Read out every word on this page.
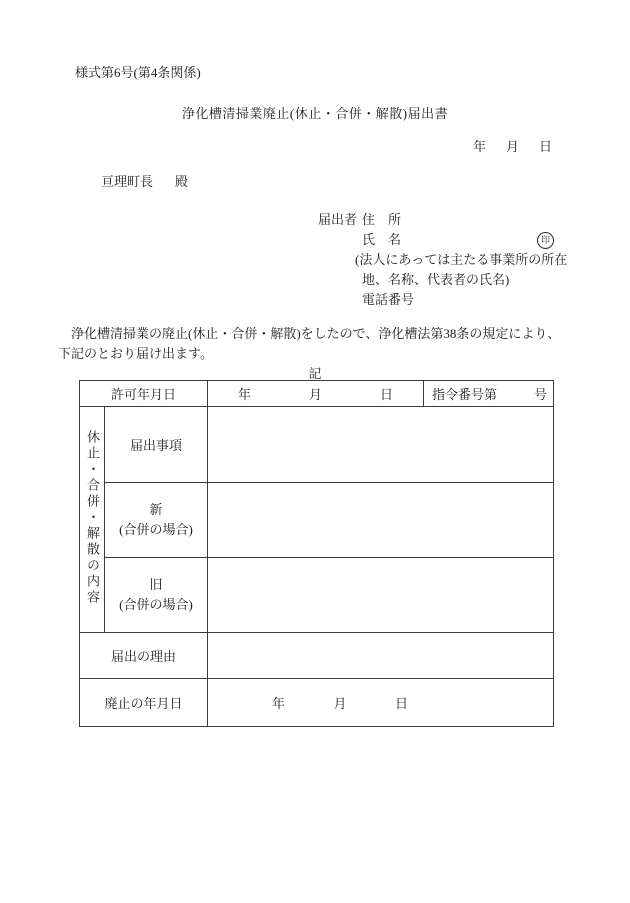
様式第6号(第4条関係)
浄化槽清掃業廃止(休止・合併・解散)届出書
年 月 日
亘理町長 殿
届出者 住　所
氏　名
(法人にあっては主たる事業所の所在
地、名称、代表者の氏名)
電話番号
印
浄化槽清掃業の廃止(休止・合併・解散)をしたので、浄化槽法第38条の規定により、下記のとおり届け出ます。
記
許可年月日		年 月 日	指令番号第 号

休止・合併・解散の内容	届出事項		

	新
(合併の場合)		

	旧
(合併の場合)		

届出の理由			
廃止の年月日		年 月 日	
